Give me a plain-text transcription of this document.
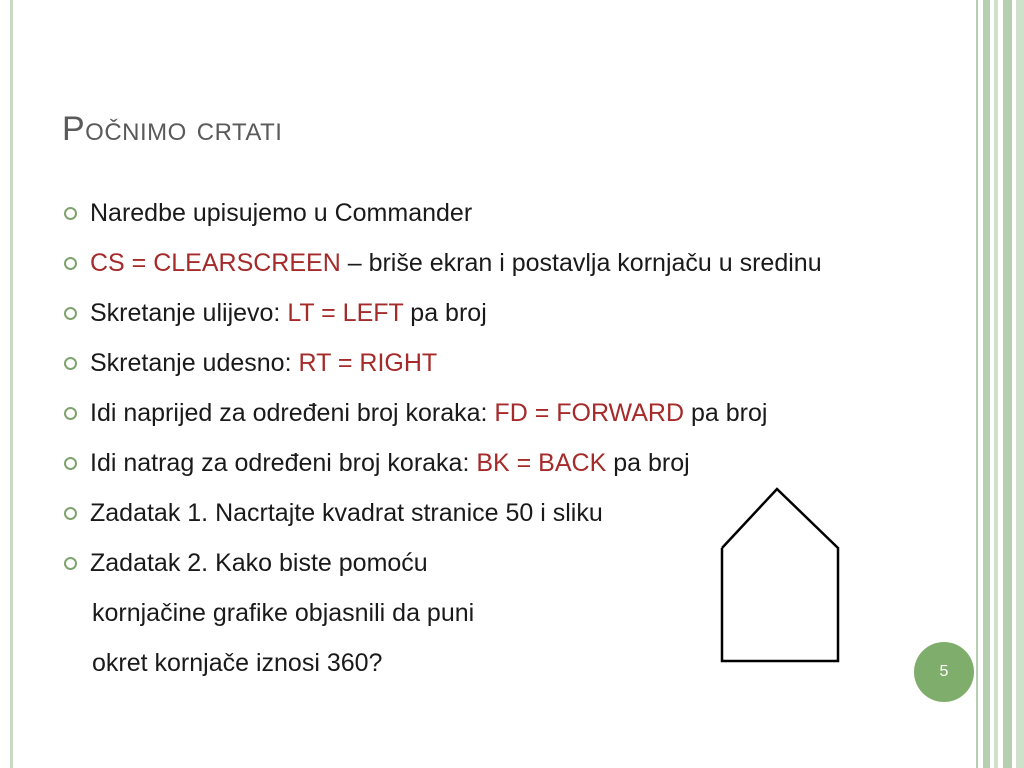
Počnimo crtati
Naredbe upisujemo u Commander
CS = CLEARSCREEN – briše ekran i postavlja kornjaču u sredinu
Skretanje ulijevo: LT = LEFT pa broj
Skretanje udesno: RT = RIGHT
Idi naprijed za određeni broj koraka: FD = FORWARD pa broj
Idi natrag za određeni broj koraka: BK = BACK pa broj
Zadatak 1. Nacrtajte kvadrat stranice 50 i sliku
Zadatak 2. Kako biste pomoću
kornjačine grafike objasnili da puni
okret kornjače iznosi 360?	5
